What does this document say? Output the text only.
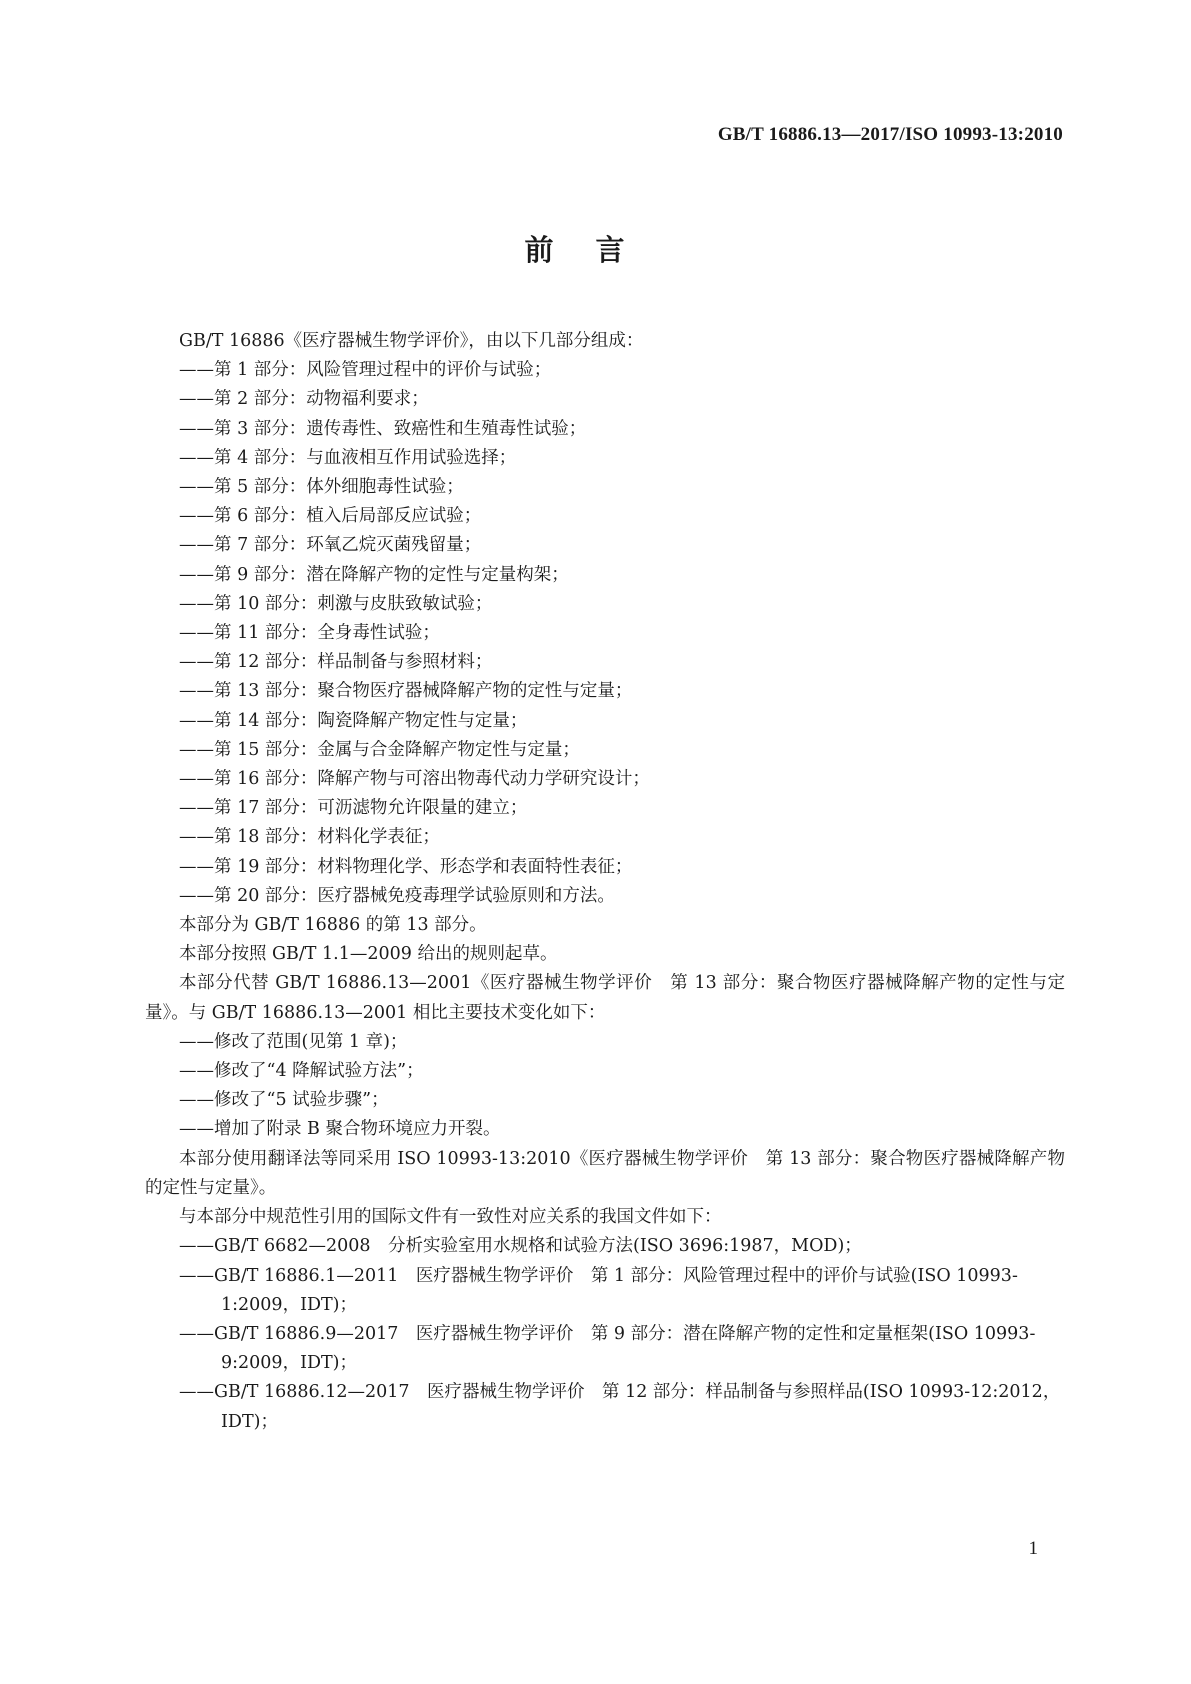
GB/T 16886.13—2017/ISO 10993-13:2010
前言

GB/T 16886《医疗器械生物学评价》，由以下几部分组成：

——第 1 部分：风险管理过程中的评价与试验；

——第 2 部分：动物福利要求；

——第 3 部分：遗传毒性、致癌性和生殖毒性试验；

——第 4 部分：与血液相互作用试验选择；

——第 5 部分：体外细胞毒性试验；

——第 6 部分：植入后局部反应试验；

——第 7 部分：环氧乙烷灭菌残留量；

——第 9 部分：潜在降解产物的定性与定量构架；

——第 10 部分：刺激与皮肤致敏试验；

——第 11 部分：全身毒性试验；

——第 12 部分：样品制备与参照材料；

——第 13 部分：聚合物医疗器械降解产物的定性与定量；

——第 14 部分：陶瓷降解产物定性与定量；

——第 15 部分：金属与合金降解产物定性与定量；

——第 16 部分：降解产物与可溶出物毒代动力学研究设计；

——第 17 部分：可沥滤物允许限量的建立；

——第 18 部分：材料化学表征；

——第 19 部分：材料物理化学、形态学和表面特性表征；

——第 20 部分：医疗器械免疫毒理学试验原则和方法。

本部分为 GB/T 16886 的第 13 部分。

本部分按照 GB/T 1.1—2009 给出的规则起草。

本部分代替 GB/T 16886.13—2001《医疗器械生物学评价　第 13 部分：聚合物医疗器械降解产物的定性与定量》。与 GB/T 16886.13—2001 相比主要技术变化如下：

——修改了范围(见第 1 章)；

——修改了“4 降解试验方法”；

——修改了“5 试验步骤”；

——增加了附录 B 聚合物环境应力开裂。

本部分使用翻译法等同采用 ISO 10993-13:2010《医疗器械生物学评价　第 13 部分：聚合物医疗器械降解产物的定性与定量》。

与本部分中规范性引用的国际文件有一致性对应关系的我国文件如下：

——GB/T 6682—2008　分析实验室用水规格和试验方法(ISO 3696:1987，MOD)；

——GB/T 16886.1—2011　医疗器械生物学评价　第 1 部分：风险管理过程中的评价与试验(ISO 10993-1:2009，IDT)；

——GB/T 16886.9—2017　医疗器械生物学评价　第 9 部分：潜在降解产物的定性和定量框架(ISO 10993-9:2009，IDT)；

——GB/T 16886.12—2017　医疗器械生物学评价　第 12 部分：样品制备与参照样品(ISO 10993-12:2012，IDT)；

1
